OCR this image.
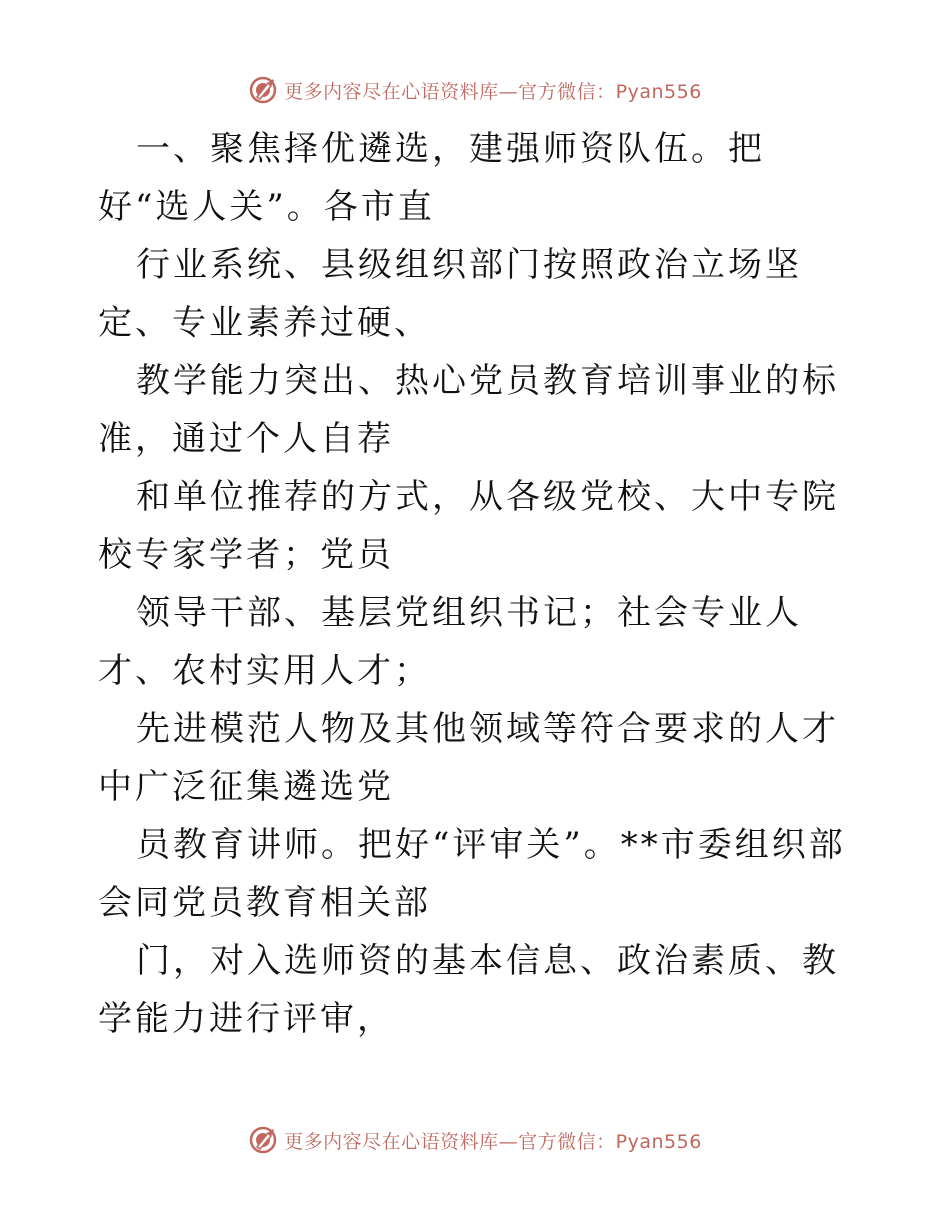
更多内容尽在心语资料库—官方微信：Pyan556

一、聚焦择优遴选，建强师资队伍。把好“选人关”。各市直

行业系统、县级组织部门按照政治立场坚定、专业素养过硬、

教学能力突出、热心党员教育培训事业的标准，通过个人自荐

和单位推荐的方式，从各级党校、大中专院校专家学者；党员

领导干部、基层党组织书记；社会专业人才、农村实用人才；

先进模范人物及其他领域等符合要求的人才中广泛征集遴选党

员教育讲师。把好“评审关”。**市委组织部会同党员教育相关部

门，对入选师资的基本信息、政治素质、教学能力进行评审，

更多内容尽在心语资料库—官方微信：Pyan556
